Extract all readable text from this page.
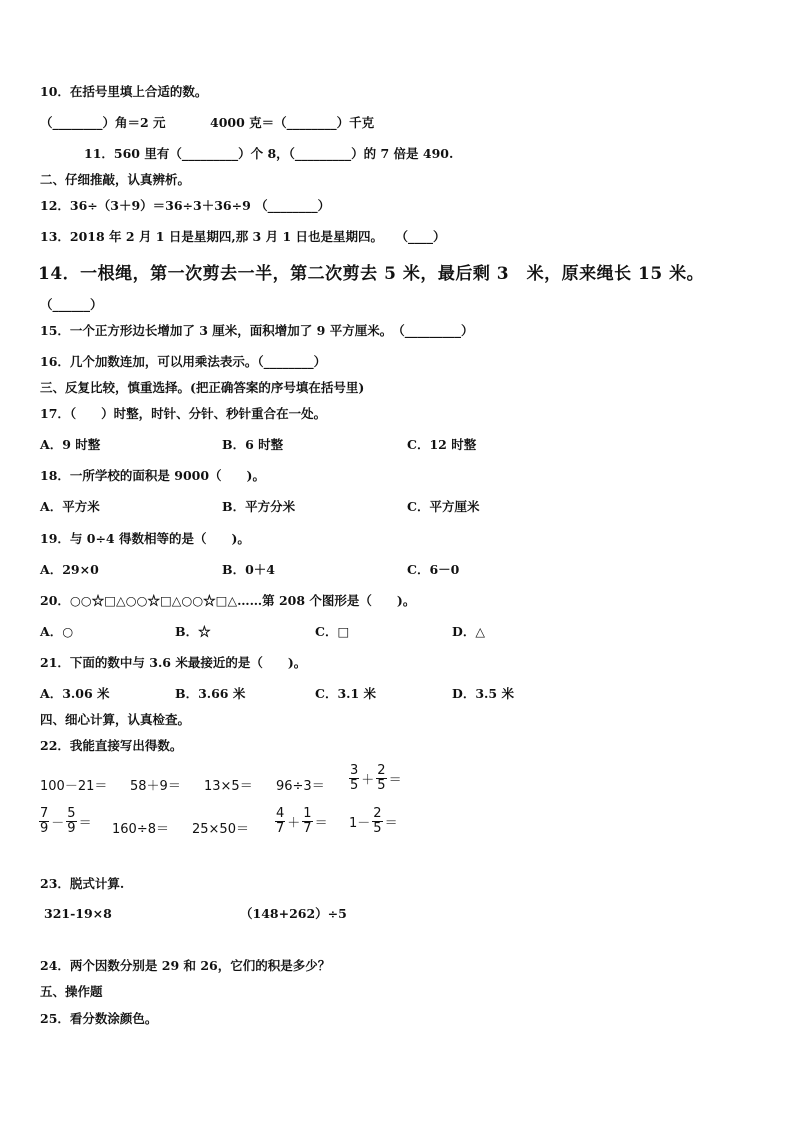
10．在括号里填上合适的数。
（________）角＝2 元	4000 克＝（________）千克
11．560 里有（_________）个 8，（_________）的 7 倍是 490.
二、仔细推敲，认真辨析。
12．36÷（3＋9）＝36÷3＋36÷9 （________）
13．2018 年 2 月 1 日是星期四,那 3 月 1 日也是星期四。　　（____）
14．一根绳，第一次剪去一半，第二次剪去 5 米，最后剩 3　米，原来绳长 15 米。
（______）
15．一个正方形边长增加了 3 厘米，面积增加了 9 平方厘米。　（_________）
16．几个加数连加，可以用乘法表示。（________）
三、反复比较，慎重选择。(把正确答案的序号填在括号里)
17．（　　）时整，时针、分针、秒针重合在一处。
A．9 时整	B．6 时整	C．12 时整
18．一所学校的面积是 9000（　　)。
A．平方米	B．平方分米	C．平方厘米
19．与 0÷4 得数相等的是（　　)。
A．29×0	B．0＋4	C．6－0
20．○○☆□△○○☆□△○○☆□△……第 208 个图形是（　　)。
A．○	B．☆	C．□	D．△
21．下面的数中与 3.6 米最接近的是（　　)。
A．3.06 米	B．3.66 米	C．3.1 米	D．3.5 米
四、细心计算，认真检查。
22．我能直接写出得数。
$100-21= 58+9= 13\times 5= 96\div 3= \frac{3}{5} + \frac{2}{5}$ ＝
$\frac{7}{9} - \frac{5}{9} = 160\div 8= 25\times 50= \frac{4}{7} + \frac{1}{7} = 1- \frac{2}{5}$ ＝
23．脱式计算.
321-19×8	（148+262）÷5
24．两个因数分别是 29 和 26，它们的积是多少？
五、操作题
25．看分数涂颜色。
